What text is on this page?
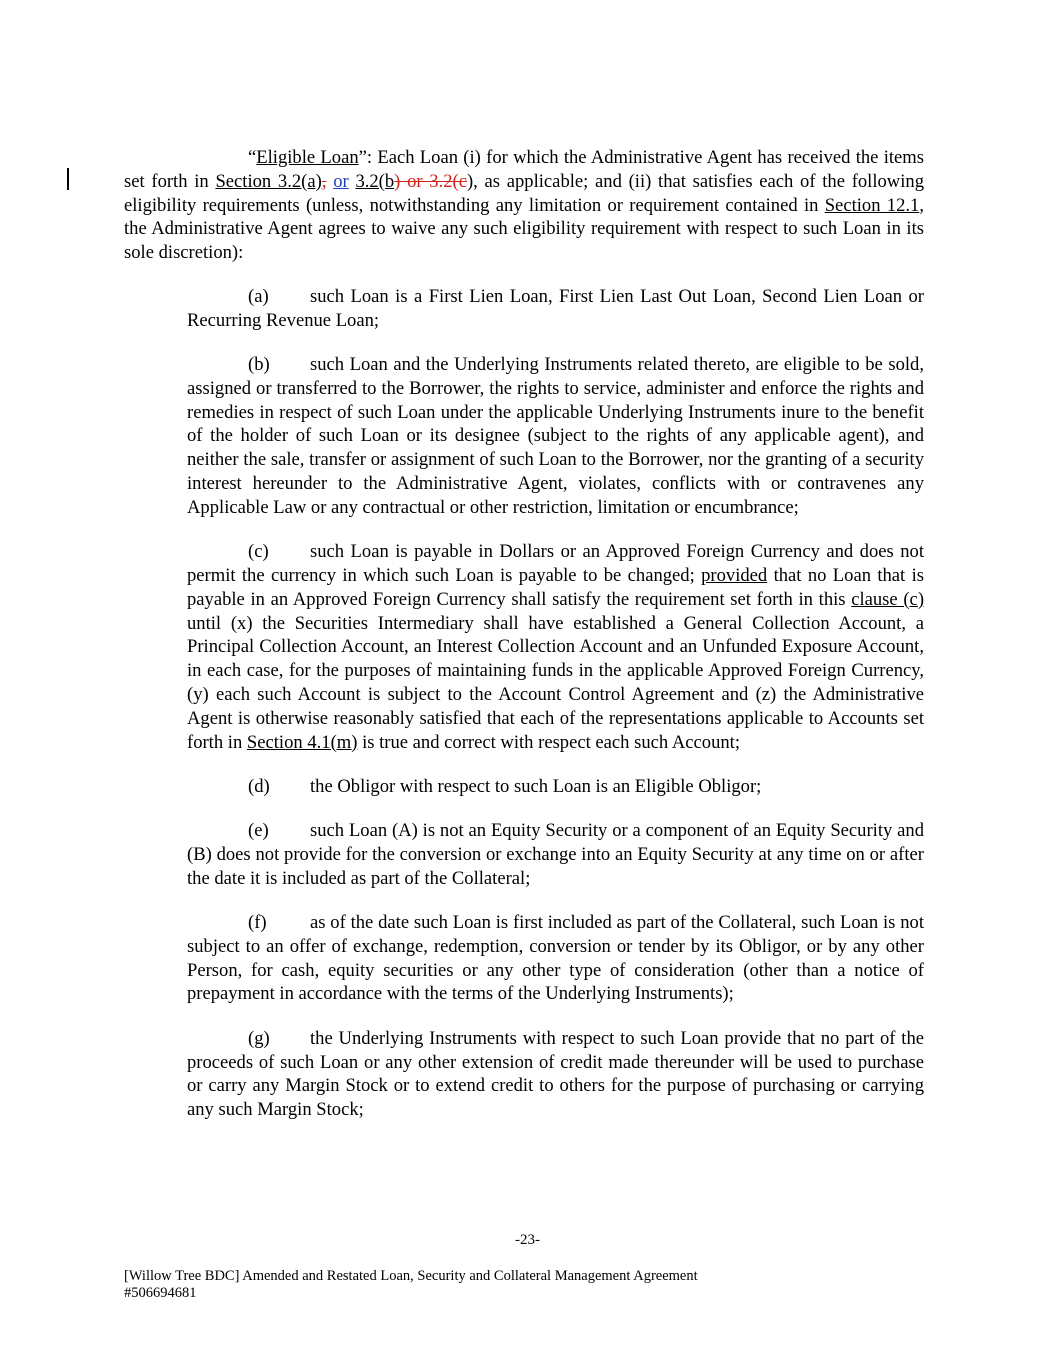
“Eligible Loan”: Each Loan (i) for which the Administrative Agent has received the items set forth in Section 3.2(a), or 3.2(b) or 3.2(c), as applicable; and (ii) that satisfies each of the following eligibility requirements (unless, notwithstanding any limitation or requirement contained in Section 12.1, the Administrative Agent agrees to waive any such eligibility requirement with respect to such Loan in its sole discretion):

(a) such Loan is a First Lien Loan, First Lien Last Out Loan, Second Lien Loan or Recurring Revenue Loan;

(b) such Loan and the Underlying Instruments related thereto, are eligible to be sold, assigned or transferred to the Borrower, the rights to service, administer and enforce the rights and remedies in respect of such Loan under the applicable Underlying Instruments inure to the benefit of the holder of such Loan or its designee (subject to the rights of any applicable agent), and neither the sale, transfer or assignment of such Loan to the Borrower, nor the granting of a security interest hereunder to the Administrative Agent, violates, conflicts with or contravenes any Applicable Law or any contractual or other restriction, limitation or encumbrance;

(c) such Loan is payable in Dollars or an Approved Foreign Currency and does not permit the currency in which such Loan is payable to be changed; provided that no Loan that is payable in an Approved Foreign Currency shall satisfy the requirement set forth in this clause (c) until (x) the Securities Intermediary shall have established a General Collection Account, a Principal Collection Account, an Interest Collection Account and an Unfunded Exposure Account, in each case, for the purposes of maintaining funds in the applicable Approved Foreign Currency, (y) each such Account is subject to the Account Control Agreement and (z) the Administrative Agent is otherwise reasonably satisfied that each of the representations applicable to Accounts set forth in Section 4.1(m) is true and correct with respect each such Account;

(d) the Obligor with respect to such Loan is an Eligible Obligor;

(e) such Loan (A) is not an Equity Security or a component of an Equity Security and (B) does not provide for the conversion or exchange into an Equity Security at any time on or after the date it is included as part of the Collateral;

(f) as of the date such Loan is first included as part of the Collateral, such Loan is not subject to an offer of exchange, redemption, conversion or tender by its Obligor, or by any other Person, for cash, equity securities or any other type of consideration (other than a notice of prepayment in accordance with the terms of the Underlying Instruments);

(g) the Underlying Instruments with respect to such Loan provide that no part of the proceeds of such Loan or any other extension of credit made thereunder will be used to purchase or carry any Margin Stock or to extend credit to others for the purpose of purchasing or carrying any such Margin Stock;

-23-
[Willow Tree BDC] Amended and Restated Loan, Security and Collateral Management Agreement
#506694681
